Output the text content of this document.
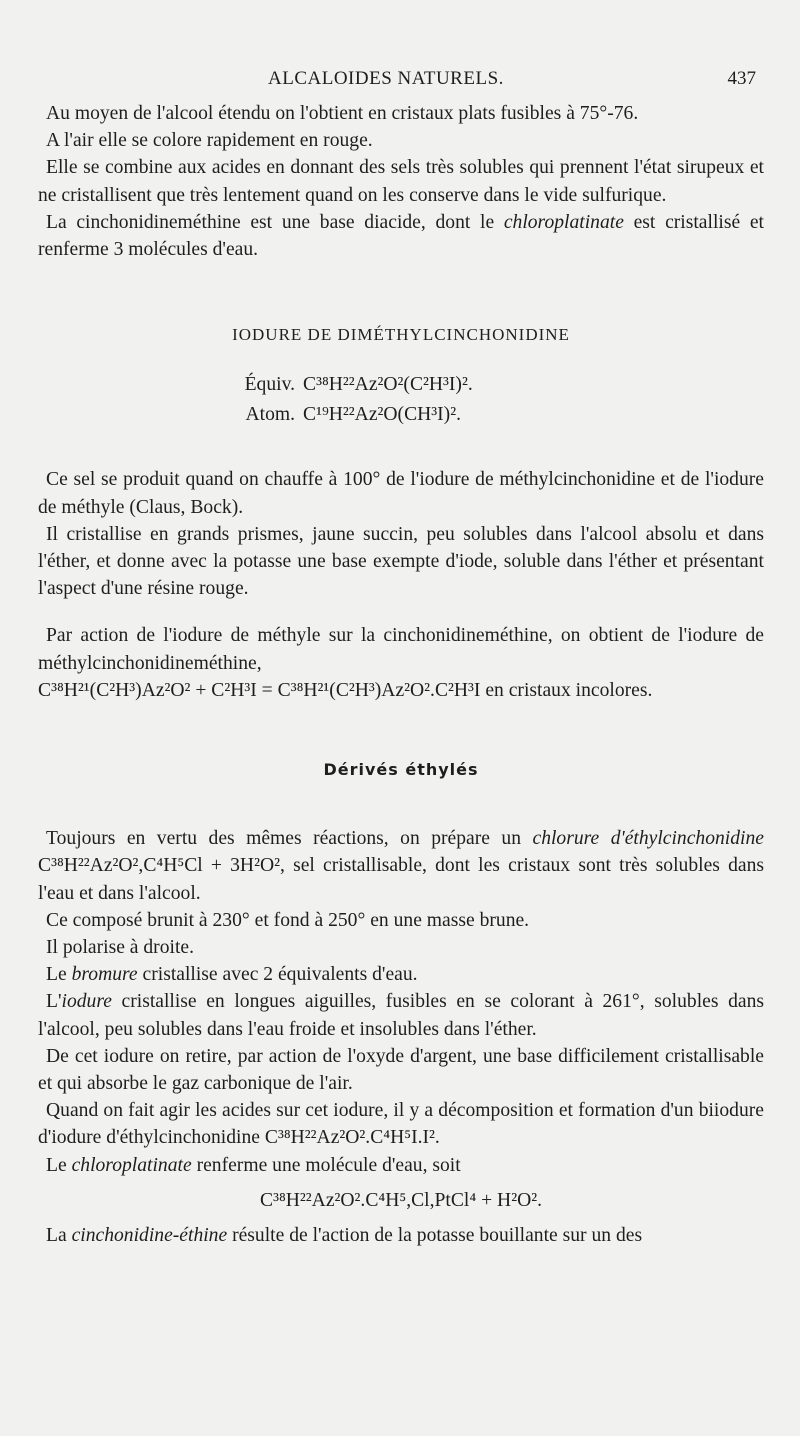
ALCALOIDES NATURELS.	437

Au moyen de l'alcool étendu on l'obtient en cristaux plats fusibles à 75°-76.

A l'air elle se colore rapidement en rouge.

Elle se combine aux acides en donnant des sels très solubles qui prennent l'état sirupeux et ne cristallisent que très lentement quand on les conserve dans le vide sulfurique.

La cinchonidineméthine est une base diacide, dont le chloroplatinate est cristallisé et renferme 3 molécules d'eau.

IODURE DE DIMÉTHYLCINCHONIDINE

Équiv. C³⁸H²²Az²O²(C²H³I)².
Atom. C¹⁹H²²Az²O(CH³I)².

Ce sel se produit quand on chauffe à 100° de l'iodure de méthylcinchonidine et de l'iodure de méthyle (Claus, Bock).

Il cristallise en grands prismes, jaune succin, peu solubles dans l'alcool absolu et dans l'éther, et donne avec la potasse une base exempte d'iode, soluble dans l'éther et présentant l'aspect d'une résine rouge.

Par action de l'iodure de méthyle sur la cinchonidineméthine, on obtient de l'iodure de méthylcinchonidineméthine,

C³⁸H²¹(C²H³)Az²O² + C²H³I = C³⁸H²¹(C²H³)Az²O².C²H³I en cristaux incolores.

Dérivés éthylés

Toujours en vertu des mêmes réactions, on prépare un chlorure d'éthylcinchonidine C³⁸H²²Az²O²,C⁴H⁵Cl + 3H²O², sel cristallisable, dont les cristaux sont très solubles dans l'eau et dans l'alcool.

Ce composé brunit à 230° et fond à 250° en une masse brune.

Il polarise à droite.

Le bromure cristallise avec 2 équivalents d'eau.

L'iodure cristallise en longues aiguilles, fusibles en se colorant à 261°, solubles dans l'alcool, peu solubles dans l'eau froide et insolubles dans l'éther.

De cet iodure on retire, par action de l'oxyde d'argent, une base difficilement cristallisable et qui absorbe le gaz carbonique de l'air.

Quand on fait agir les acides sur cet iodure, il y a décomposition et formation d'un biiodure d'iodure d'éthylcinchonidine C³⁸H²²Az²O².C⁴H⁵I.I².

Le chloroplatinate renferme une molécule d'eau, soit

C³⁸H²²Az²O².C⁴H⁵,Cl,PtCl⁴ + H²O².

La cinchonidine-éthine résulte de l'action de la potasse bouillante sur un des
